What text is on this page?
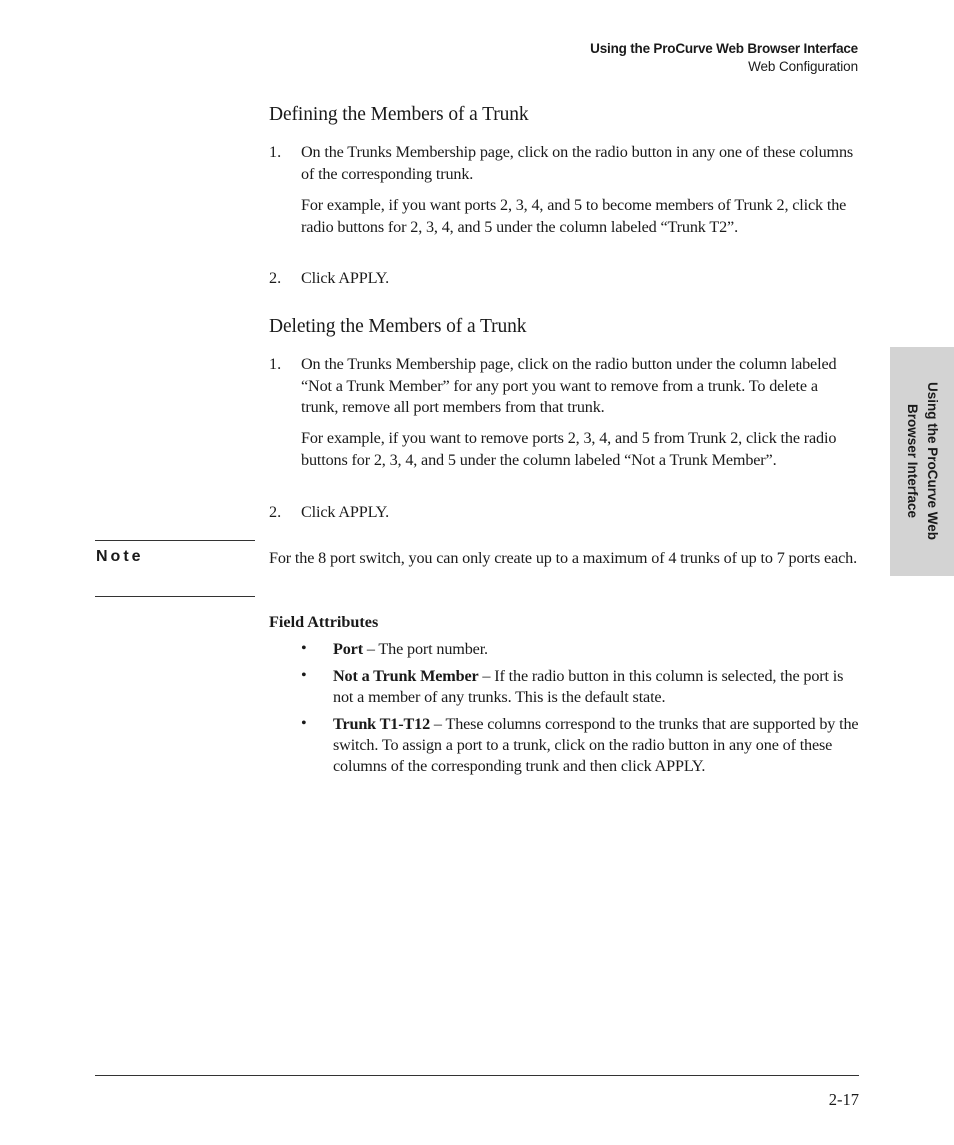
Using the ProCurve Web Browser Interface
Web Configuration
Defining the Members of a Trunk
1. On the Trunks Membership page, click on the radio button in any one of these columns of the corresponding trunk.
For example, if you want ports 2, 3, 4, and 5 to become members of Trunk 2, click the radio buttons for 2, 3, 4, and 5 under the column labeled “Trunk T2”.
2. Click APPLY.
Deleting the Members of a Trunk
1. On the Trunks Membership page, click on the radio button under the column labeled “Not a Trunk Member” for any port you want to remove from a trunk. To delete a trunk, remove all port members from that trunk.
For example, if you want to remove ports 2, 3, 4, and 5 from Trunk 2, click the radio buttons for 2, 3, 4, and 5 under the column labeled “Not a Trunk Member”.
2. Click APPLY.
Note	For the 8 port switch, you can only create up to a maximum of 4 trunks of up to 7 ports each.
Field Attributes
• Port – The port number.
• Not a Trunk Member – If the radio button in this column is selected, the port is not a member of any trunks. This is the default state.
• Trunk T1-T12 – These columns correspond to the trunks that are supported by the switch. To assign a port to a trunk, click on the radio button in any one of these columns of the corresponding trunk and then click APPLY.
Using the ProCurve Web
Browser Interface
2-17
